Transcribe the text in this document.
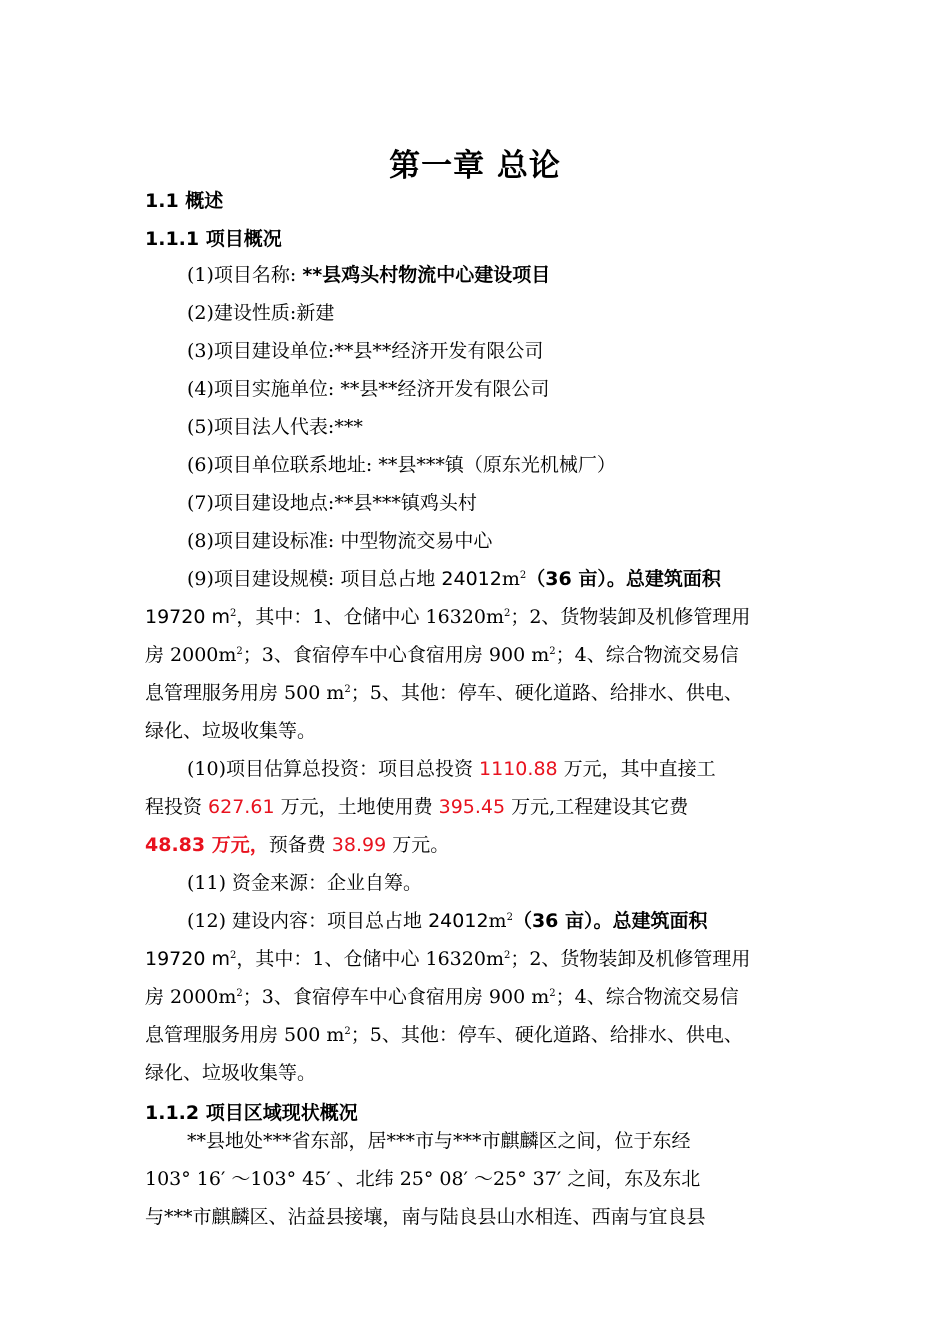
第一章 总论
1.1 概述
1.1.1 项目概况
(1)项目名称: **县鸡头村物流中心建设项目
(2)建设性质:新建
(3)项目建设单位:**县**经济开发有限公司
(4)项目实施单位: **县**经济开发有限公司
(5)项目法人代表:***
(6)项目单位联系地址: **县***镇（原东光机械厂）
(7)项目建设地点:**县***镇鸡头村
(8)项目建设标准: 中型物流交易中心
(9)项目建设规模: 项目总占地 $24012m^2(36$ 亩）。总建筑面积
19720 $m^2$，其中：1、仓储中心 $16320m^2$；2、货物装卸及机修管理用
房 $2000m^2$；3、食宿停车中心食宿用房 900 $m^2$；4、综合物流交易信
息管理服务用房 500 $m^2$；5、其他：停车、硬化道路、给排水、供电、
绿化、垃圾收集等。
(10)项目估算总投资：项目总投资 1110.88 万元，其中直接工
程投资 627.61 万元，土地使用费 395.45 万元,工程建设其它费
48.83 万元，预备费 38.99 万元。
(11) 资金来源：企业自筹。
(12) 建设内容：项目总占地 $24012m^2(36$ 亩）。总建筑面积
19720 $m^2$，其中：1、仓储中心 $16320m^2$；2、货物装卸及机修管理用
房 $2000m^2$；3、食宿停车中心食宿用房 900 $m^2$；4、综合物流交易信
息管理服务用房 500 $m^2$；5、其他：停车、硬化道路、给排水、供电、
绿化、垃圾收集等。
1.1.2 项目区域现状概况
**县地处***省东部，居***市与***市麒麟区之间，位于东经
103° 16′ ～103° 45′ 、北纬 25° 08′ ～25° 37′ 之间，东及东北
与***市麒麟区、沾益县接壤，南与陆良县山水相连、西南与宜良县
